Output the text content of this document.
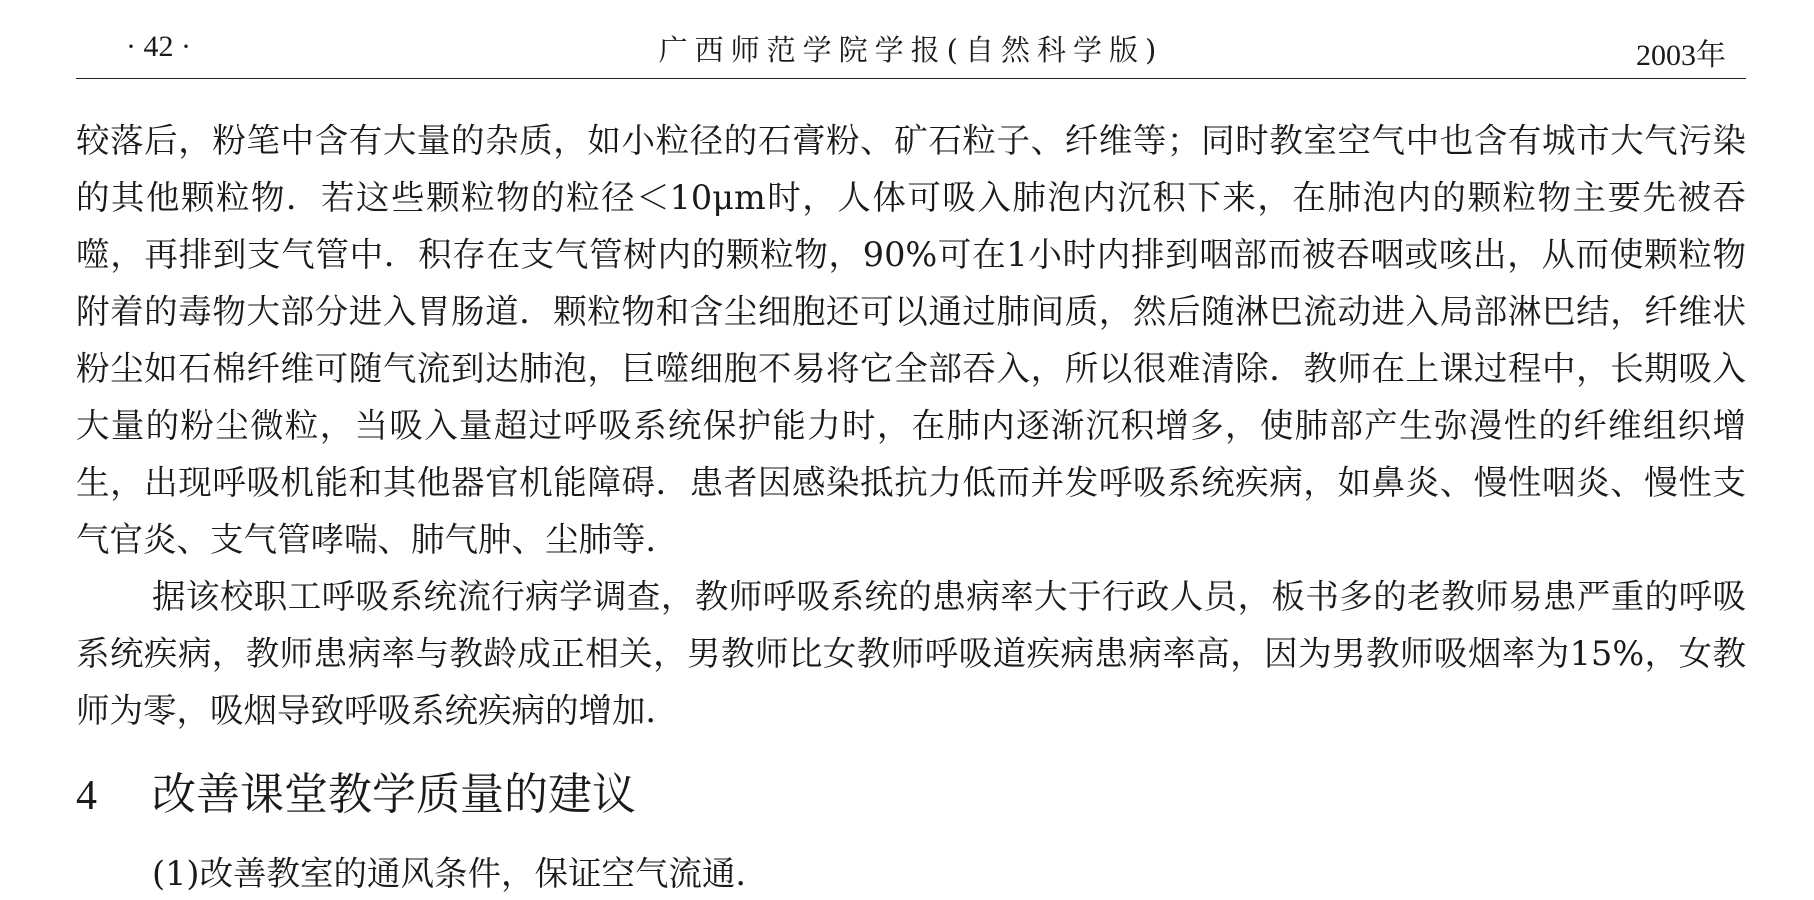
· 42 ·	广西师范学院学报(自然科学版)	2003年

较落后，粉笔中含有大量的杂质，如小粒径的石膏粉、矿石粒子、纤维等；同时教室空气中也含有城市大气污染的其他颗粒物．若这些颗粒物的粒径＜10μm时，人体可吸入肺泡内沉积下来，在肺泡内的颗粒物主要先被吞噬，再排到支气管中．积存在支气管树内的颗粒物，90%可在1小时内排到咽部而被吞咽或咳出，从而使颗粒物附着的毒物大部分进入胃肠道．颗粒物和含尘细胞还可以通过肺间质，然后随淋巴流动进入局部淋巴结，纤维状粉尘如石棉纤维可随气流到达肺泡，巨噬细胞不易将它全部吞入，所以很难清除．教师在上课过程中，长期吸入大量的粉尘微粒，当吸入量超过呼吸系统保护能力时，在肺内逐渐沉积增多，使肺部产生弥漫性的纤维组织增生，出现呼吸机能和其他器官机能障碍．患者因感染抵抗力低而并发呼吸系统疾病，如鼻炎、慢性咽炎、慢性支气官炎、支气管哮喘、肺气肿、尘肺等．

据该校职工呼吸系统流行病学调查，教师呼吸系统的患病率大于行政人员，板书多的老教师易患严重的呼吸系统疾病，教师患病率与教龄成正相关，男教师比女教师呼吸道疾病患病率高，因为男教师吸烟率为15%，女教师为零，吸烟导致呼吸系统疾病的增加．

4 改善课堂教学质量的建议
(1)改善教室的通风条件，保证空气流通．
